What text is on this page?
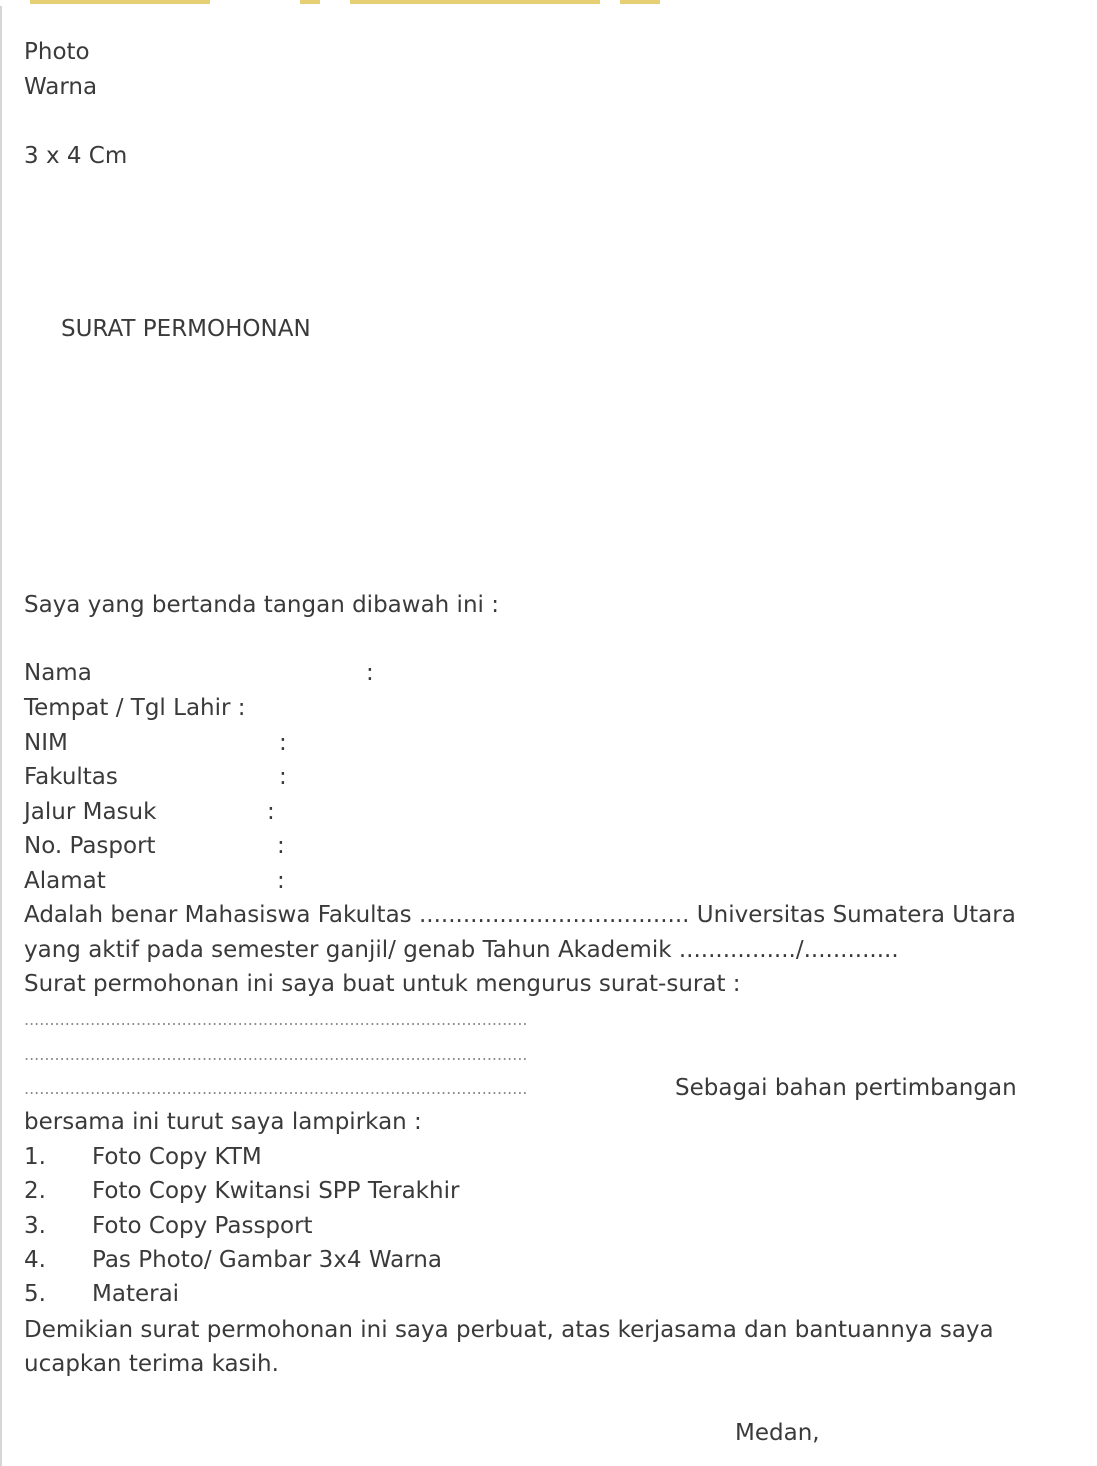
Photo
Warna
3 x 4 Cm
SURAT PERMOHONAN
Saya yang bertanda tangan dibawah ini :
Nama	:
Tempat / Tgl Lahir :
NIM	:
Fakultas	:
Jalur Masuk	:
No. Pasport	:
Alamat	:
Adalah benar Mahasiswa Fakultas ..................................... Universitas Sumatera Utara
yang aktif pada semester ganjil/ genab Tahun Akademik ................/.............
Surat permohonan ini saya buat untuk mengurus surat-surat :
...................................................................................................
...................................................................................................
...................................................................................................	Sebagai bahan pertimbangan
bersama ini turut saya lampirkan :
1. Foto Copy KTM
2. Foto Copy Kwitansi SPP Terakhir
3. Foto Copy Passport
4. Pas Photo/ Gambar 3x4 Warna
5. Materai
Demikian surat permohonan ini saya perbuat, atas kerjasama dan bantuannya saya
ucapkan terima kasih.
Medan,
